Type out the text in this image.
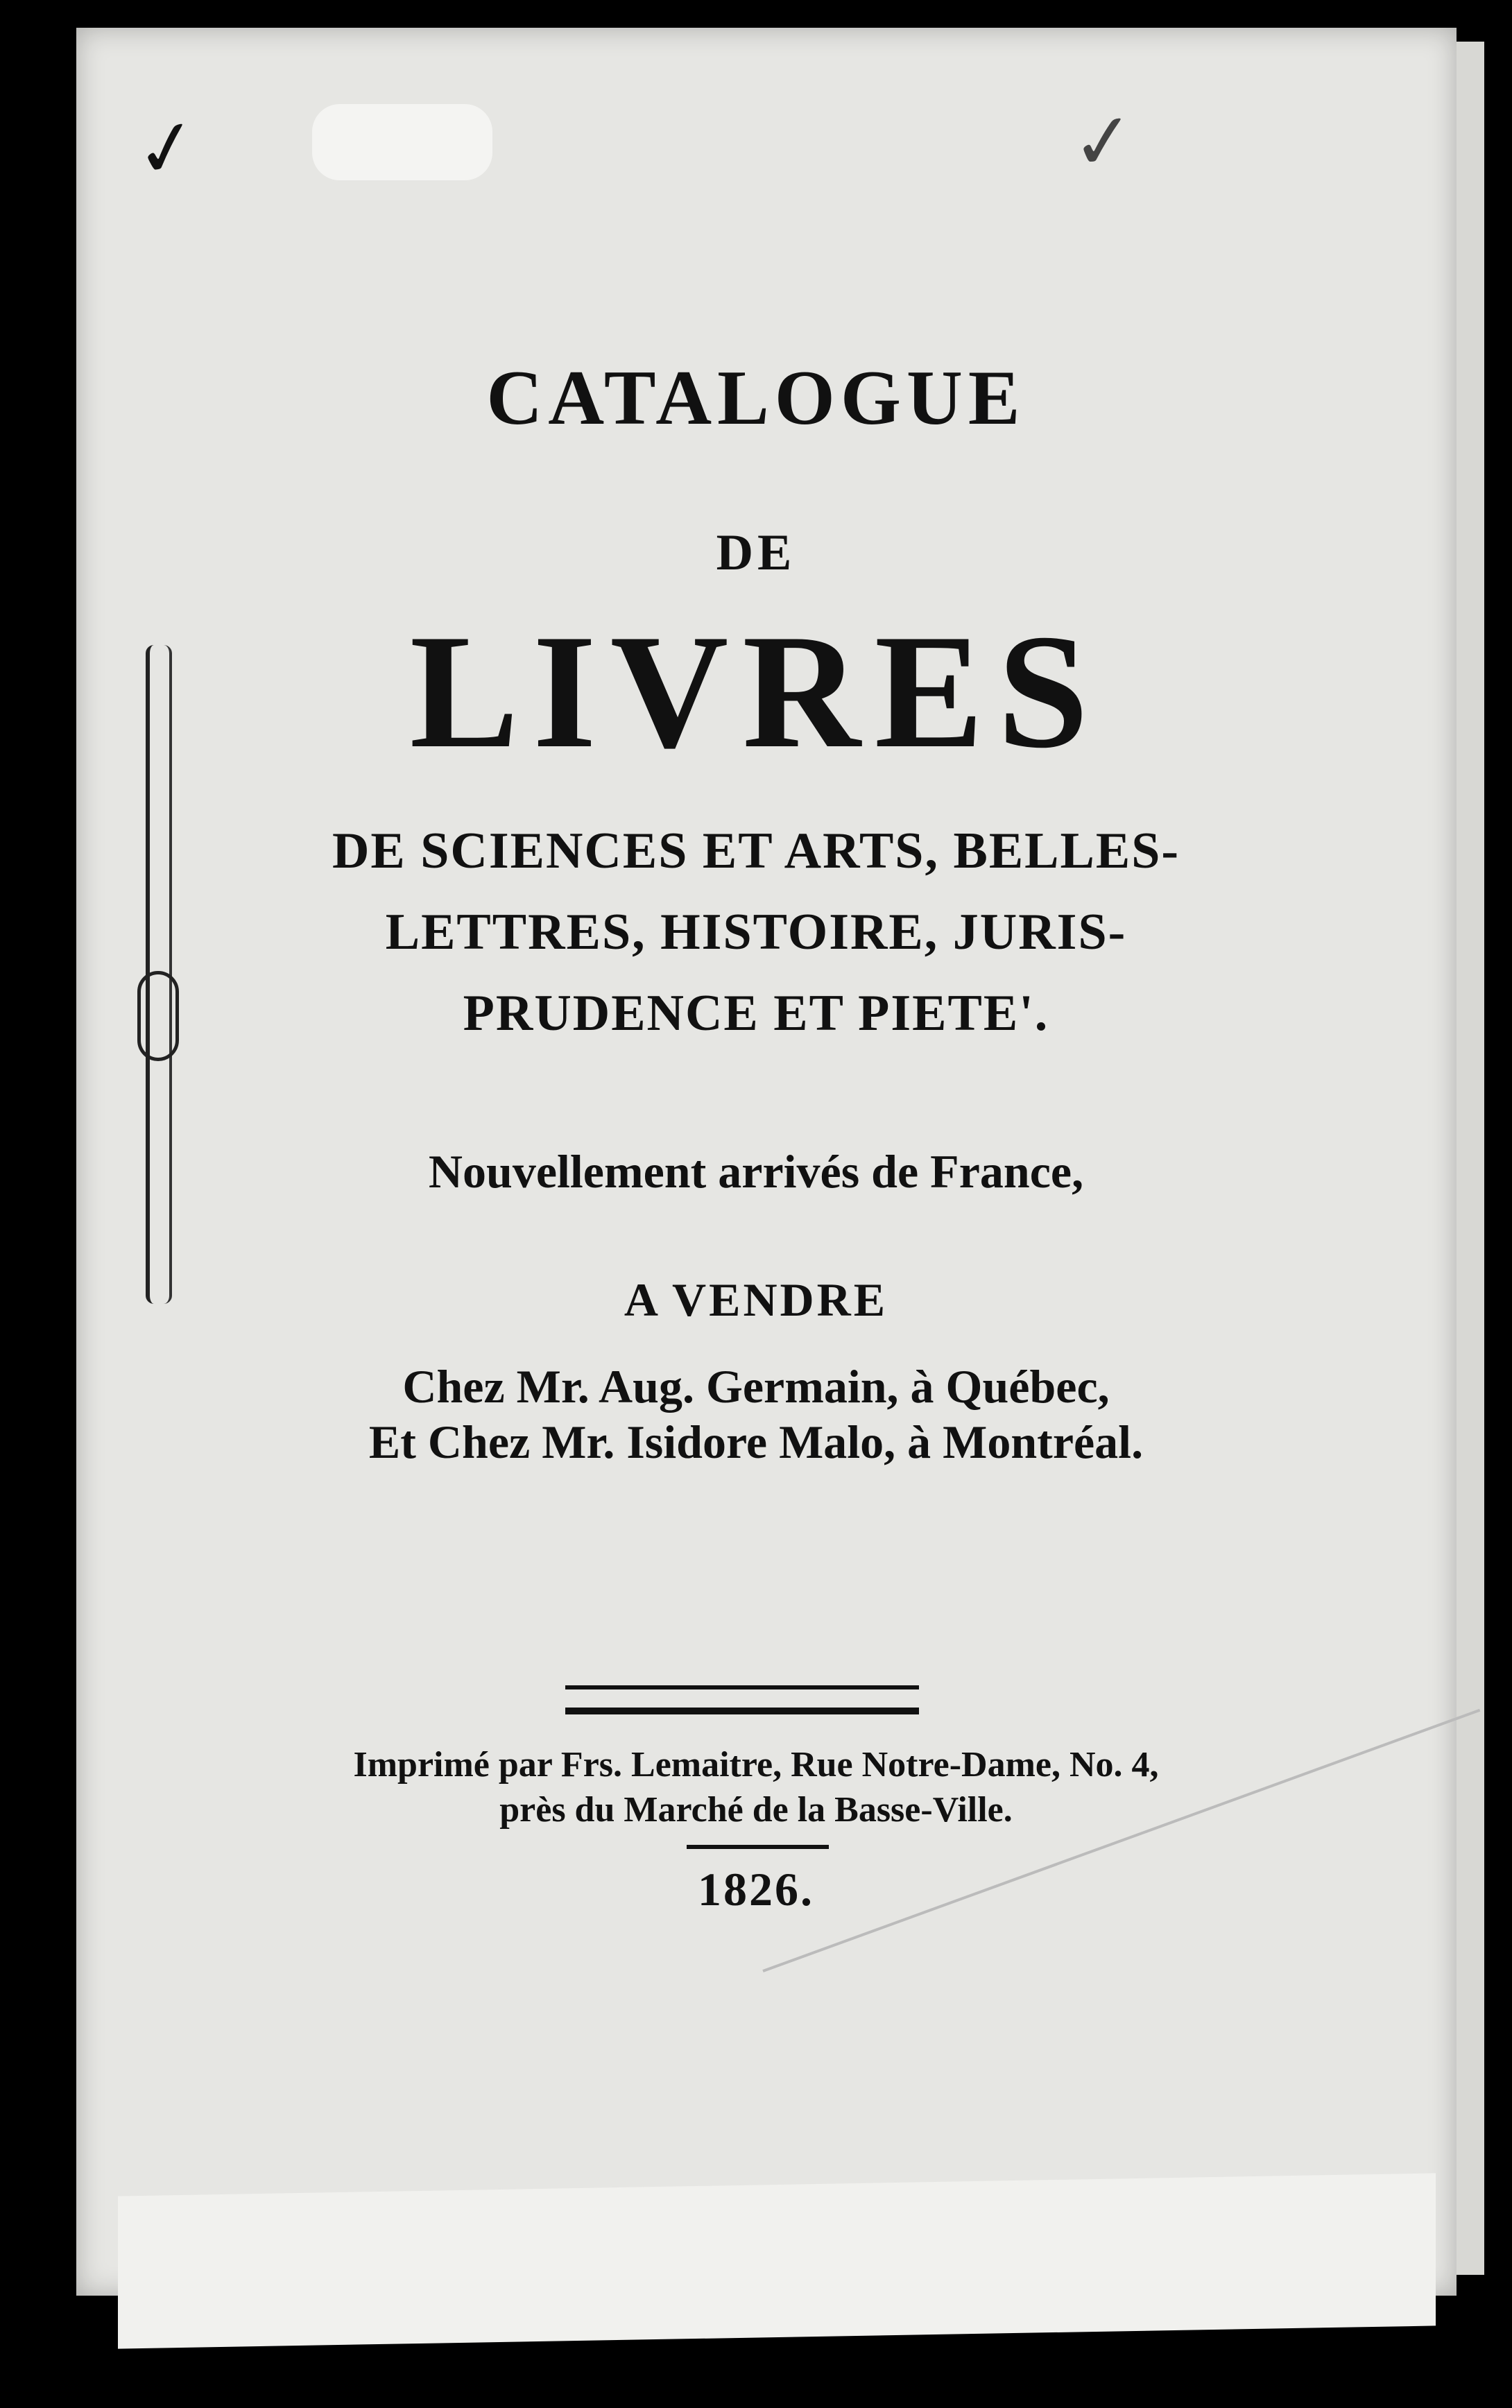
✓	✓
CATALOGUE
DE
LIVRES
DE SCIENCES ET ARTS, BELLES-
LETTRES, HISTOIRE, JURIS-
PRUDENCE ET PIETE'.
Nouvellement arrivés de France,
A VENDRE
Chez Mr. Aug. Germain, à Québec,
Et Chez Mr. Isidore Malo, à Montréal.
Imprimé par Frs. Lemaitre, Rue Notre-Dame, No. 4,
près du Marché de la Basse-Ville.
1826.
